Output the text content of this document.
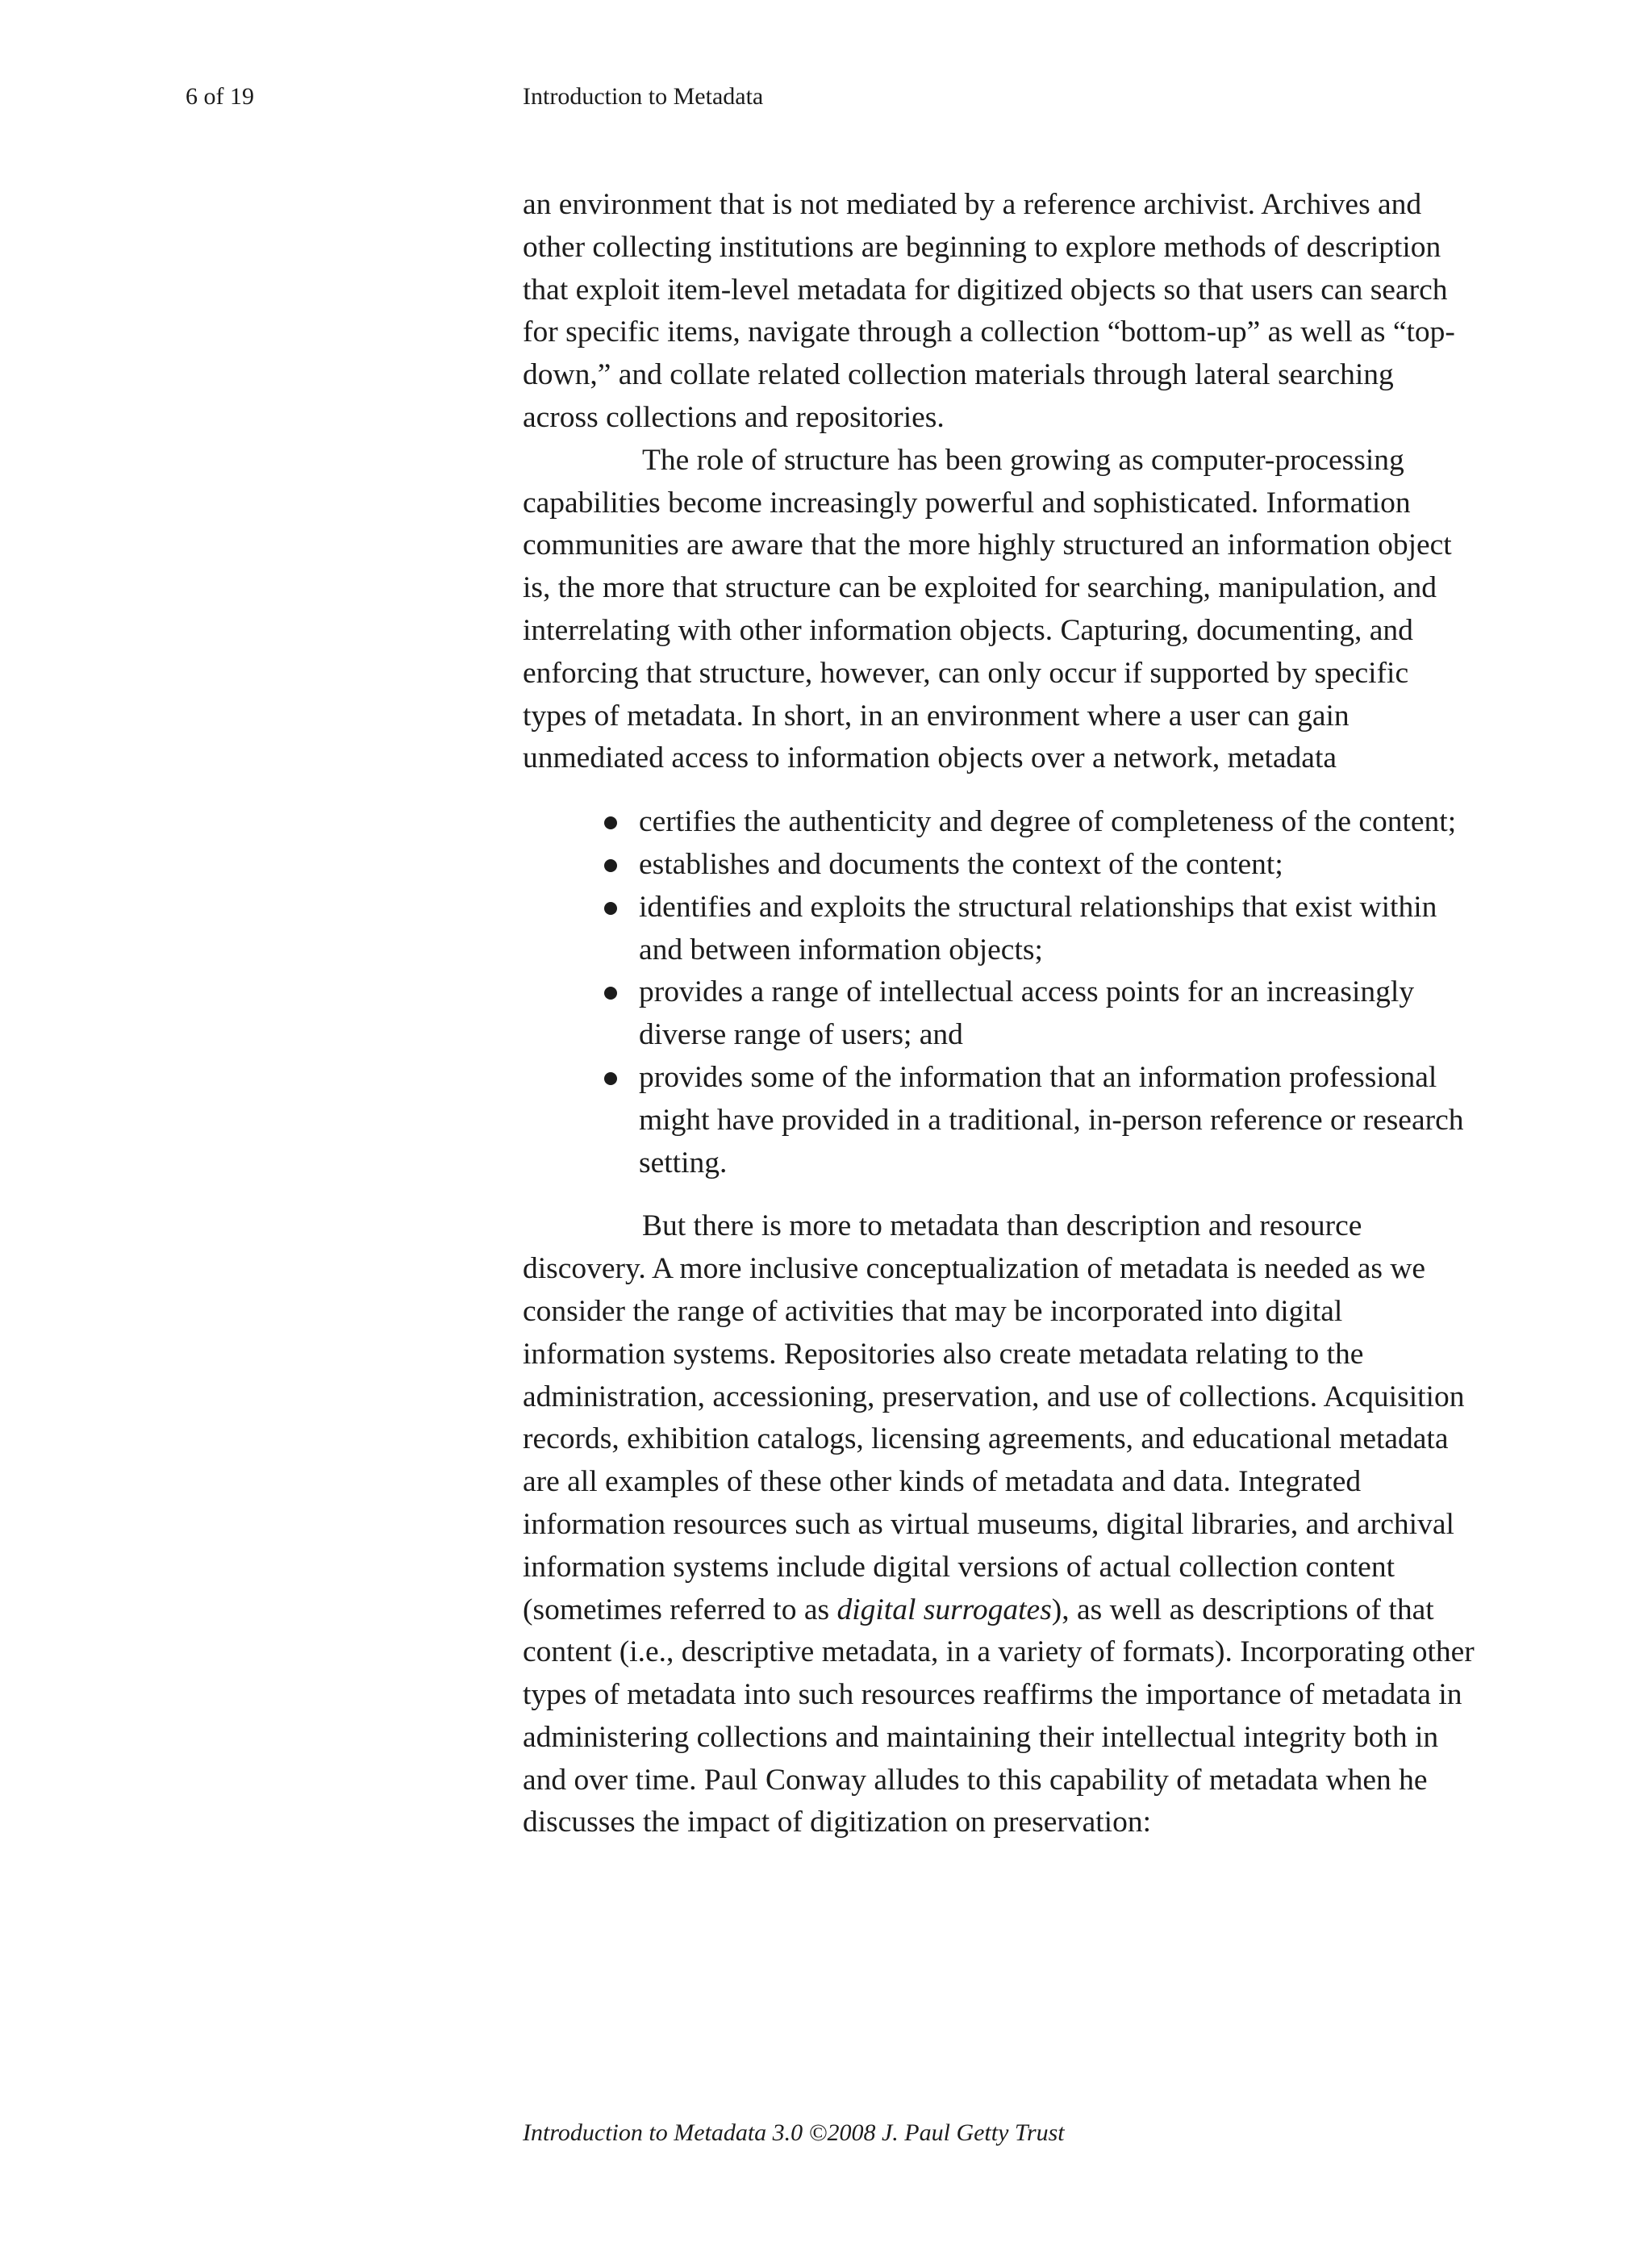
6 of 19	Introduction to Metadata

an environment that is not mediated by a reference archivist. Archives and other collecting institutions are beginning to explore methods of description that exploit item-level metadata for digitized objects so that users can search for specific items, navigate through a collection “bottom-up” as well as “top-down,” and collate related collection materials through lateral searching across collections and repositories.

The role of structure has been growing as computer-processing capabilities become increasingly powerful and sophisticated. Information communities are aware that the more highly structured an information object is, the more that structure can be exploited for searching, manipulation, and interrelating with other information objects. Capturing, documenting, and enforcing that structure, however, can only occur if supported by specific types of metadata. In short, in an environment where a user can gain unmediated access to information objects over a network, metadata

certifies the authenticity and degree of completeness of the content;
establishes and documents the context of the content;
identifies and exploits the structural relationships that exist within and between information objects;
provides a range of intellectual access points for an increasingly diverse range of users; and
provides some of the information that an information professional might have provided in a traditional, in-person reference or research setting.

But there is more to metadata than description and resource discovery. A more inclusive conceptualization of metadata is needed as we consider the range of activities that may be incorporated into digital information systems. Repositories also create metadata relating to the administration, accessioning, preservation, and use of collections. Acquisition records, exhibition catalogs, licensing agreements, and educational metadata are all examples of these other kinds of metadata and data. Integrated information resources such as virtual museums, digital libraries, and archival information systems include digital versions of actual collection content (sometimes referred to as digital surrogates), as well as descriptions of that content (i.e., descriptive metadata, in a variety of formats). Incorporating other types of metadata into such resources reaffirms the importance of metadata in administering collections and maintaining their intellectual integrity both in and over time. Paul Conway alludes to this capability of metadata when he discusses the impact of digitization on preservation:

Introduction to Metadata 3.0 ©2008 J. Paul Getty Trust
